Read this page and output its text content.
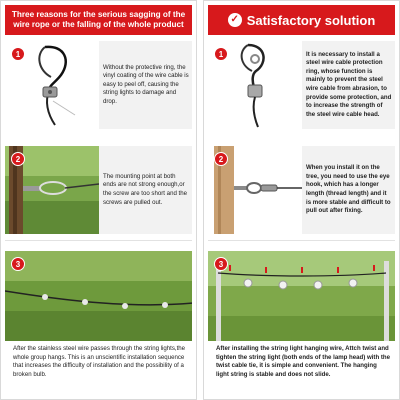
Three reasons for the serious sagging of the wire rope or the falling of the whole product
1
Without the protective ring, the vinyl coating of the wire cable is easy to peel off, causing the string lights to damage and drop.
2
The mounting point at both ends are not strong enough,or the screw are too short and the screws are pulled out.
3
After the stainless steel wire passes through the string lights,the whole group hangs. This is an unscientific installation sequence that increases the difficulty of installation and the possibility of a broken bulb.
✓ Satisfactory solution
1	It is necessary to install a steel wire cable protection ring, whose function is mainly to prevent the steel wire cable from abrasion, to provide some protection, and to increase the strength of the steel wire cable head.
2
When you install it on the tree, you need to use the eye hook, which has a longer length (thread length) and it is more stable and difficult to pull out after fixing.
3
After installing the string light hanging wire, Attch twist and tighten the string light (both ends of the lamp head) with the twist cable tie, it is simple and convenient. The hanging light string is stable and does not slide.
